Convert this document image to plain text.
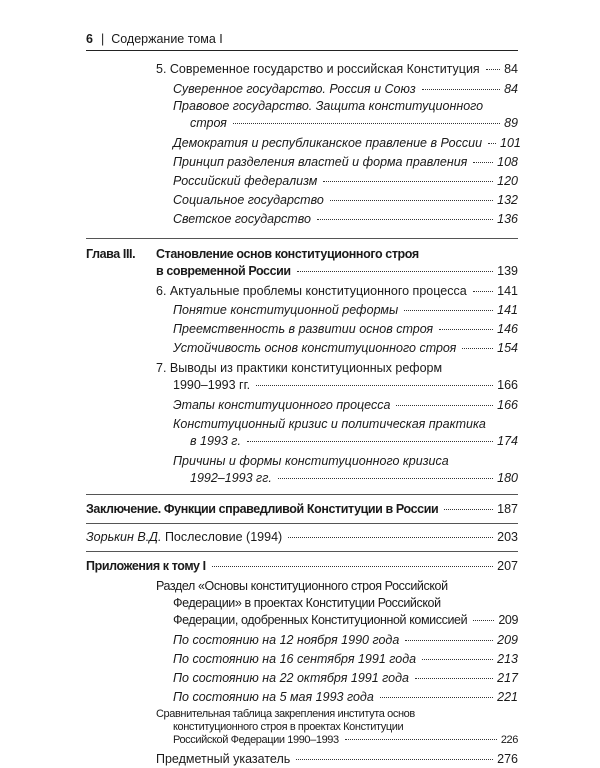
6 | Содержание тома I
5. Современное государство и российская Конституция 84
Суверенное государство. Россия и Союз	84
Правовое государство. Защита конституционного
строя	89
Демократия и республиканское правление в России 101
Принцип разделения властей и форма правления 108
Российский федерализм	120
Социальное государство	132
Светское государство	136
Глава III. Становление основ конституционного строя
в современной России	139
6. Актуальные проблемы конституционного процесса 141
Понятие конституционной реформы	141
Преемственность в развитии основ строя	146
Устойчивость основ конституционного строя	154
7. Выводы из практики конституционных реформ
1990–1993 гг.	166
Этапы конституционного процесса	166
Конституционный кризис и политическая практика
в 1993 г.	174
Причины и формы конституционного кризиса
1992–1993 гг.	180
Заключение. Функции справедливой Конституции в России	187
Зорькин В.Д. Послесловие (1994)	203
Приложения к тому I	207
Раздел «Основы конституционного строя Российской
Федерации» в проектах Конституции Российской
Федерации, одобренных Конституционной комиссией 209
По состоянию на 12 ноября 1990 года	209
По состоянию на 16 сентября 1991 года	213
По состоянию на 22 октября 1991 года	217
По состоянию на 5 мая 1993 года	221
Сравнительная таблица закрепления института основ
конституционного строя в проектах Конституции
Российской Федерации 1990–1993	226
Предметный указатель	276
